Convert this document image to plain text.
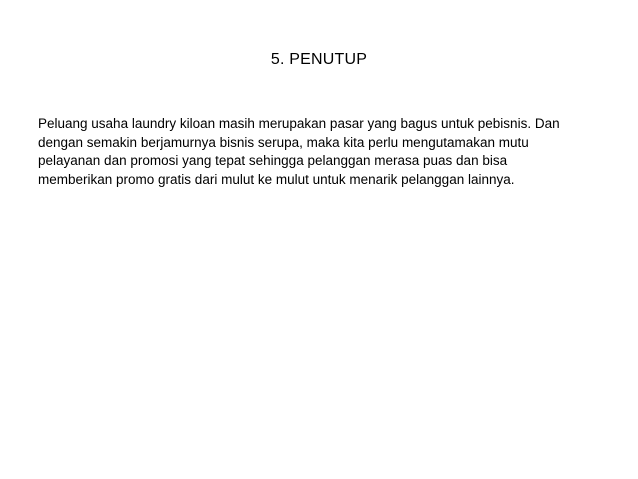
5. PENUTUP

Peluang usaha laundry kiloan masih merupakan pasar yang bagus untuk pebisnis. Dan

dengan semakin berjamurnya bisnis serupa, maka kita perlu mengutamakan mutu

pelayanan dan promosi yang tepat sehingga pelanggan merasa puas dan bisa

memberikan promo gratis dari mulut ke mulut untuk menarik pelanggan lainnya.
